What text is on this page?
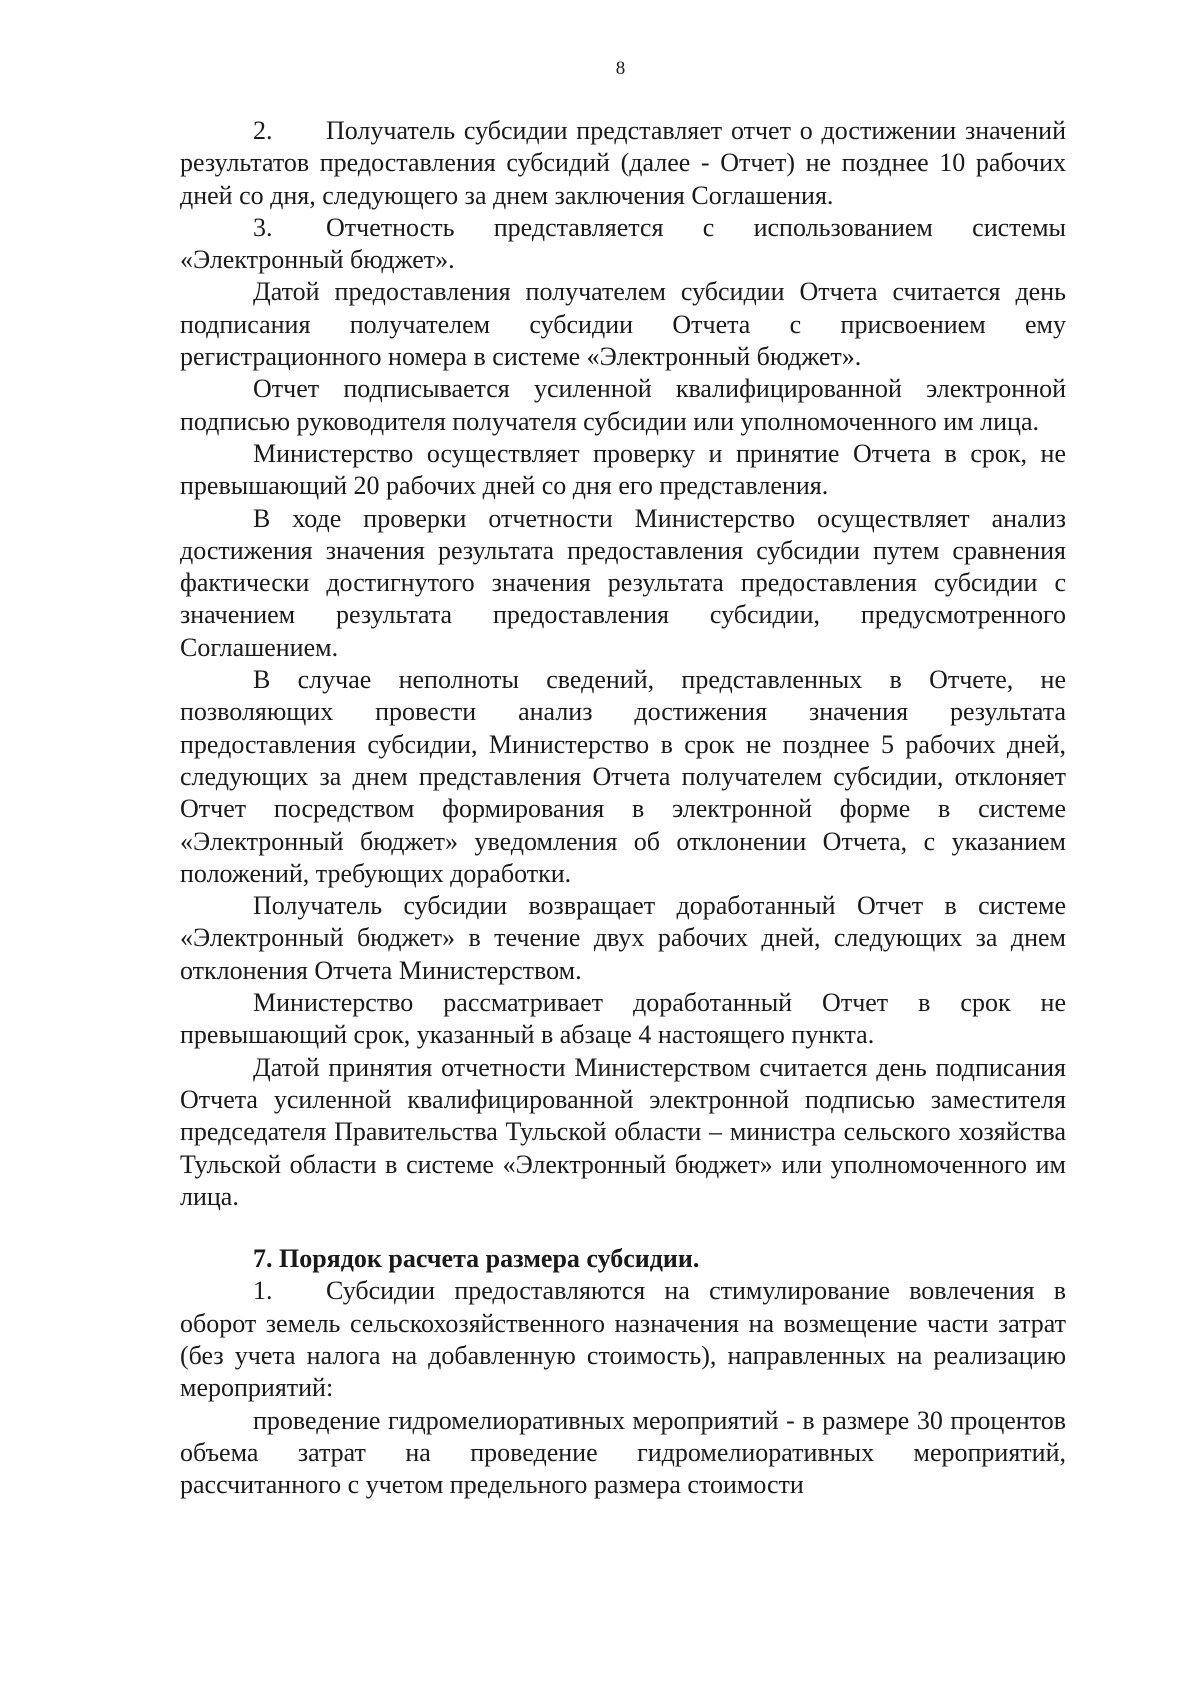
8

2. Получатель субсидии представляет отчет о достижении значений результатов предоставления субсидий (далее - Отчет) не позднее 10 рабочих дней со дня, следующего за днем заключения Соглашения.

3. Отчетность представляется с использованием системы «Электронный бюджет».

Датой предоставления получателем субсидии Отчета считается день подписания получателем субсидии Отчета с присвоением ему регистрационного номера в системе «Электронный бюджет».

Отчет подписывается усиленной квалифицированной электронной подписью руководителя получателя субсидии или уполномоченного им лица.

Министерство осуществляет проверку и принятие Отчета в срок, не превышающий 20 рабочих дней со дня его представления.

В ходе проверки отчетности Министерство осуществляет анализ достижения значения результата предоставления субсидии путем сравнения фактически достигнутого значения результата предоставления субсидии с значением результата предоставления субсидии, предусмотренного Соглашением.

В случае неполноты сведений, представленных в Отчете, не позволяющих провести анализ достижения значения результата предоставления субсидии, Министерство в срок не позднее 5 рабочих дней, следующих за днем представления Отчета получателем субсидии, отклоняет Отчет посредством формирования в электронной форме в системе «Электронный бюджет» уведомления об отклонении Отчета, с указанием положений, требующих доработки.

Получатель субсидии возвращает доработанный Отчет в системе «Электронный бюджет» в течение двух рабочих дней, следующих за днем отклонения Отчета Министерством.

Министерство рассматривает доработанный Отчет в срок не превышающий срок, указанный в абзаце 4 настоящего пункта.

Датой принятия отчетности Министерством считается день подписания Отчета усиленной квалифицированной электронной подписью заместителя председателя Правительства Тульской области – министра сельского хозяйства Тульской области в системе «Электронный бюджет» или уполномоченного им лица.

7. Порядок расчета размера субсидии.

1. Субсидии предоставляются на стимулирование вовлечения в оборот земель сельскохозяйственного назначения на возмещение части затрат (без учета налога на добавленную стоимость), направленных на реализацию мероприятий:

проведение гидромелиоративных мероприятий - в размере 30 процентов объема затрат на проведение гидромелиоративных мероприятий, рассчитанного с учетом предельного размера стоимости
